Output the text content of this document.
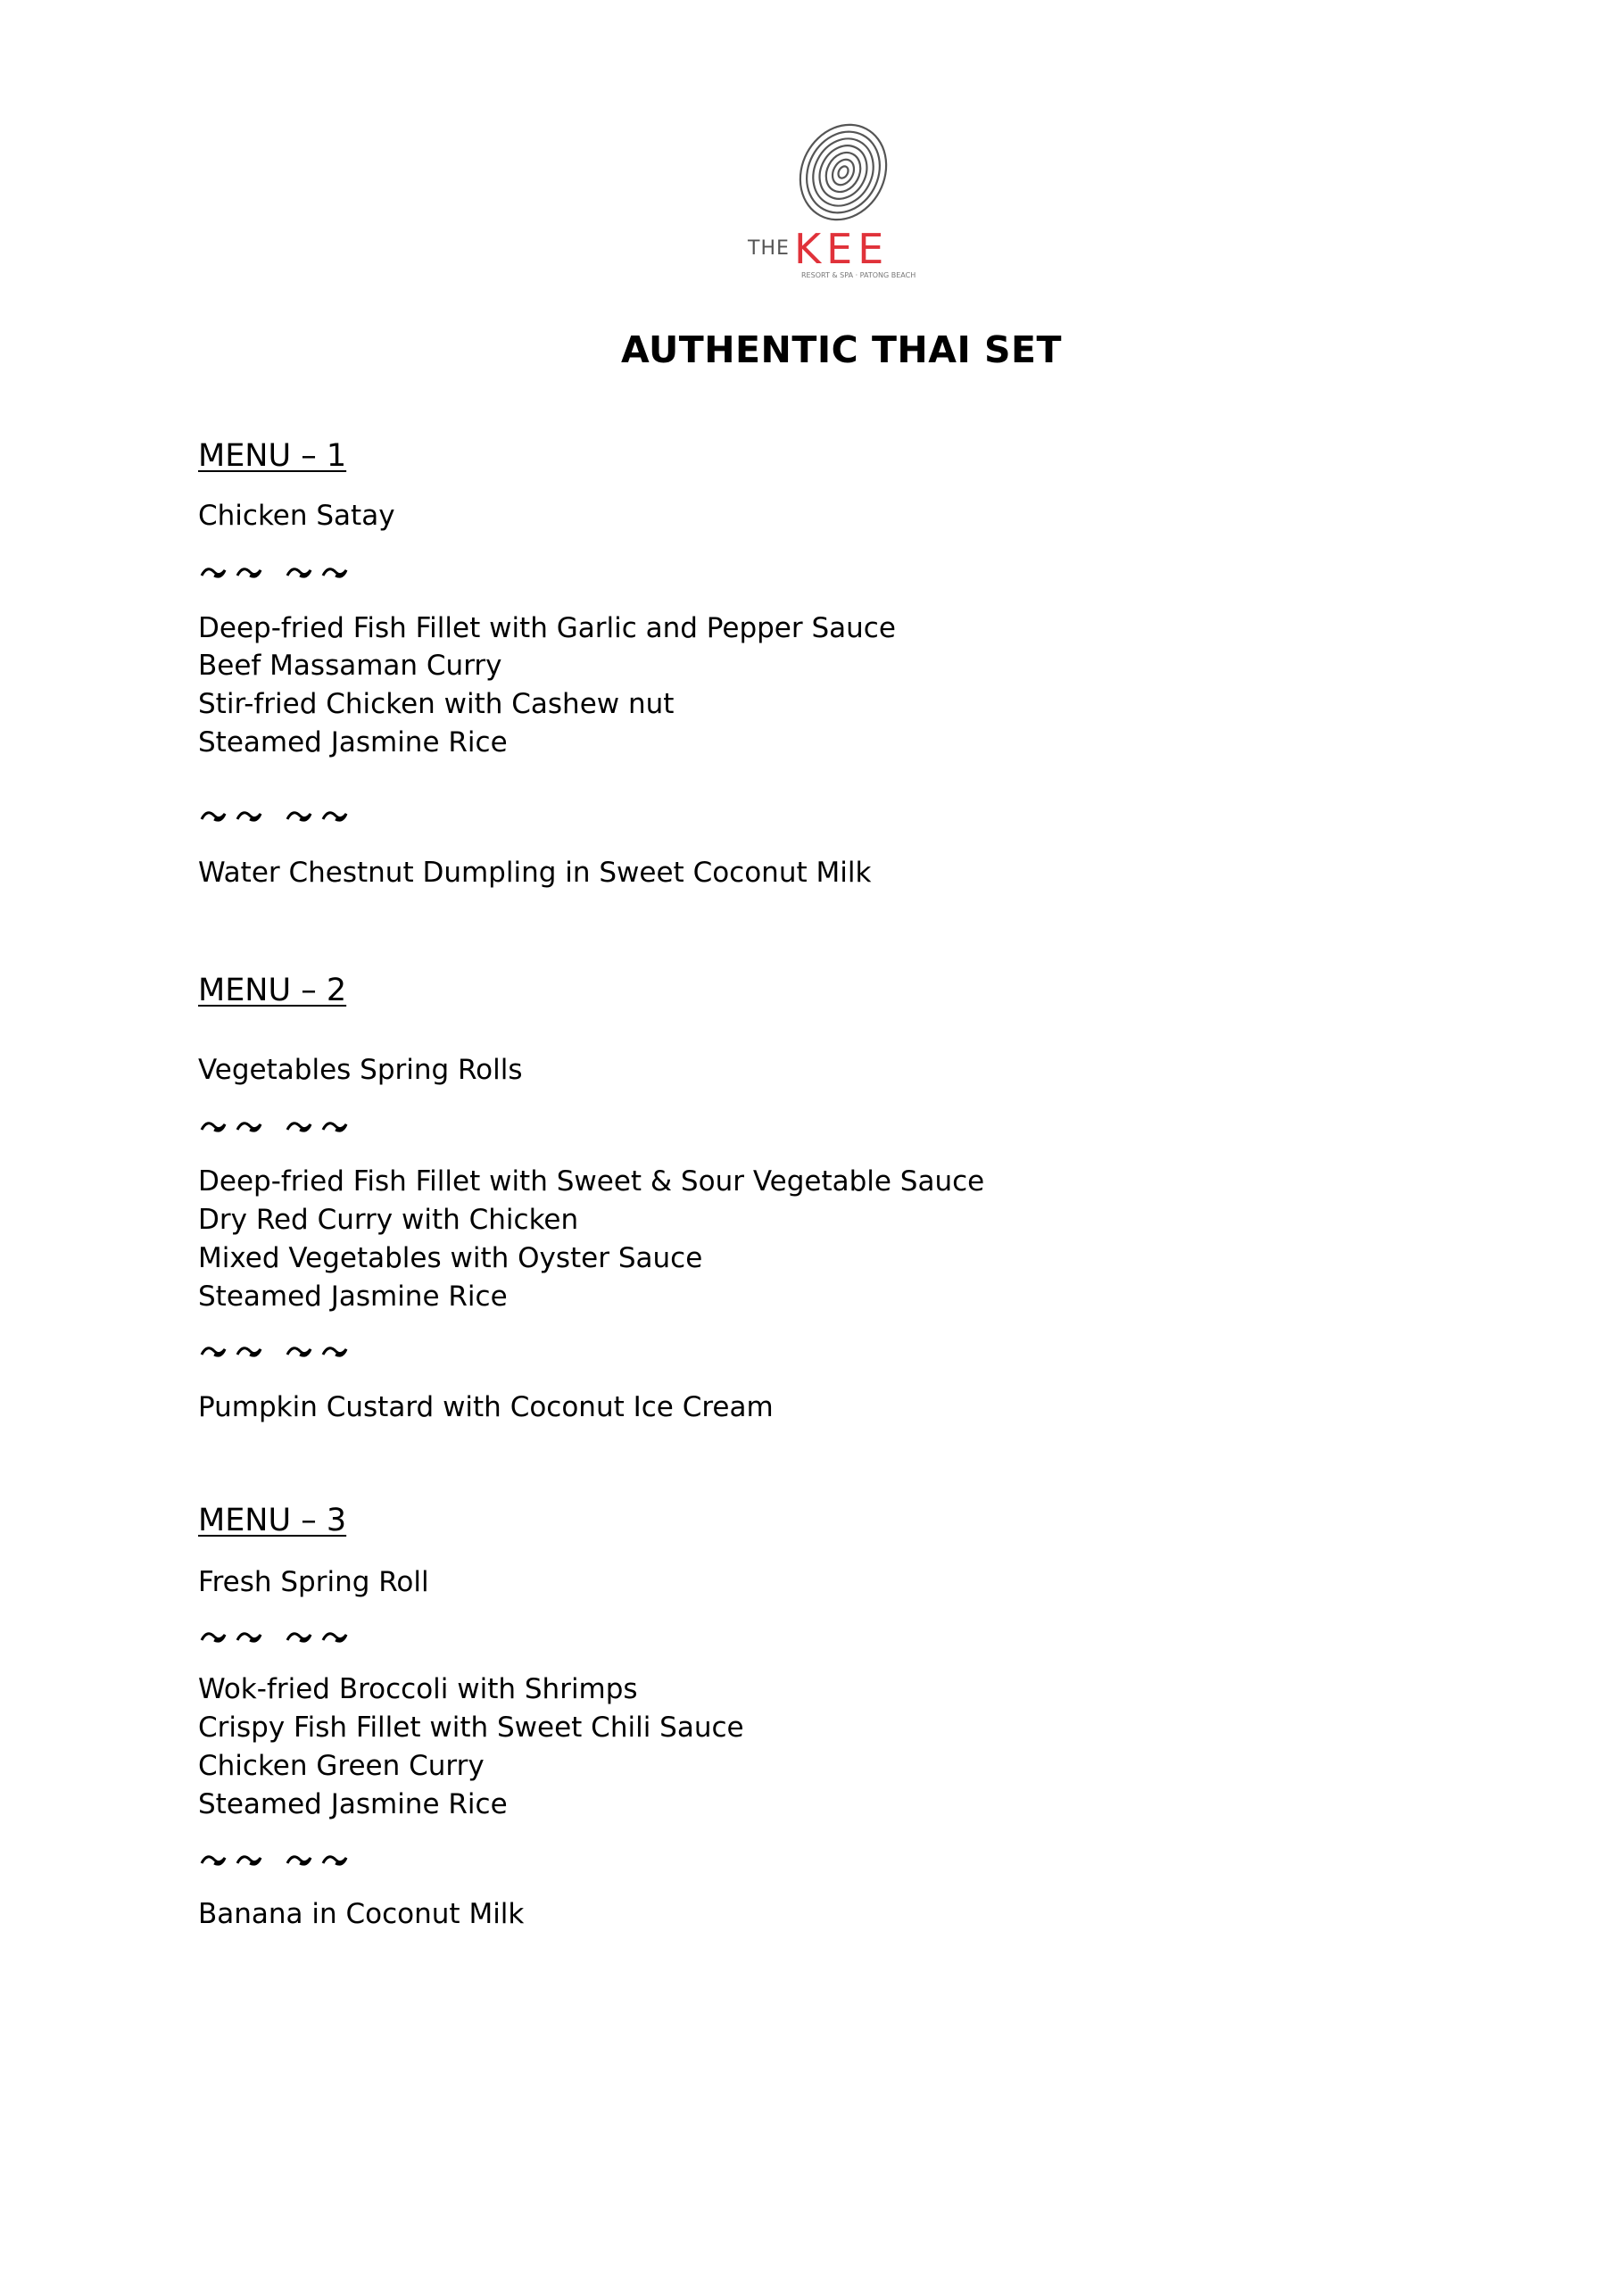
THE KEE
RESORT & SPA · PATONG BEACH
AUTHENTIC THAI SET
MENU – 1
Chicken Satay
Deep-fried Fish Fillet with Garlic and Pepper Sauce
Beef Massaman Curry
Stir-fried Chicken with Cashew nut
Steamed Jasmine Rice
Water Chestnut Dumpling in Sweet Coconut Milk
MENU – 2
Vegetables Spring Rolls
Deep-fried Fish Fillet with Sweet & Sour Vegetable Sauce
Dry Red Curry with Chicken
Mixed Vegetables with Oyster Sauce
Steamed Jasmine Rice
Pumpkin Custard with Coconut Ice Cream
MENU – 3
Fresh Spring Roll
Wok-fried Broccoli with Shrimps
Crispy Fish Fillet with Sweet Chili Sauce
Chicken Green Curry
Steamed Jasmine Rice
Banana in Coconut Milk
